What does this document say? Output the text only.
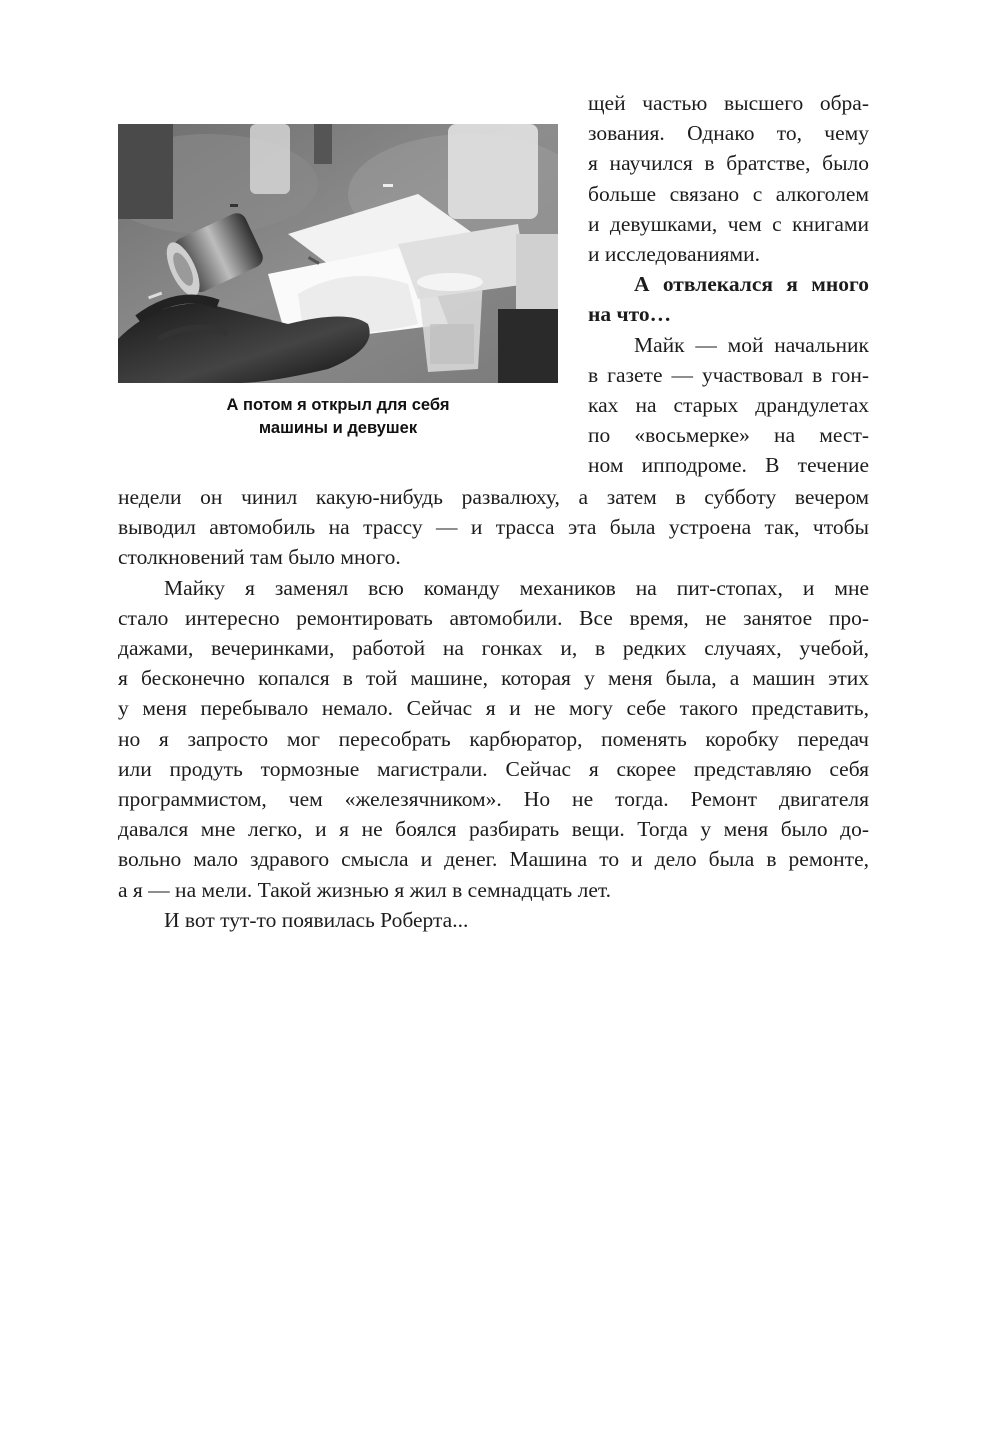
А потом я открыл для себя
машины и девушек
щей частью высшего обра-
зования. Однако то, чему
я научился в братстве, было
больше связано с алкоголем
и девушками, чем с книгами
и исследованиями.
А отвлекался я много
на что…
Майк — мой начальник
в газете — участвовал в гон-
ках на старых драндулетах
по «восьмерке» на мест-
ном ипподроме. В течение
недели он чинил какую-нибудь развалюху, а затем в субботу вечером
выводил автомобиль на трассу — и трасса эта была устроена так, чтобы
столкновений там было много.
Майку я заменял всю команду механиков на пит-стопах, и мне
стало интересно ремонтировать автомобили. Все время, не занятое про-
дажами, вечеринками, работой на гонках и, в редких случаях, учебой,
я бесконечно копался в той машине, которая у меня была, а машин этих
у меня перебывало немало. Сейчас я и не могу себе такого представить,
но я запросто мог пересобрать карбюратор, поменять коробку передач
или продуть тормозные магистрали. Сейчас я скорее представляю себя
программистом, чем «железячником». Но не тогда. Ремонт двигателя
давался мне легко, и я не боялся разбирать вещи. Тогда у меня было до-
вольно мало здравого смысла и денег. Машина то и дело была в ремонте,
а я — на мели. Такой жизнью я жил в семнадцать лет.
И вот тут-то появилась Роберта...
